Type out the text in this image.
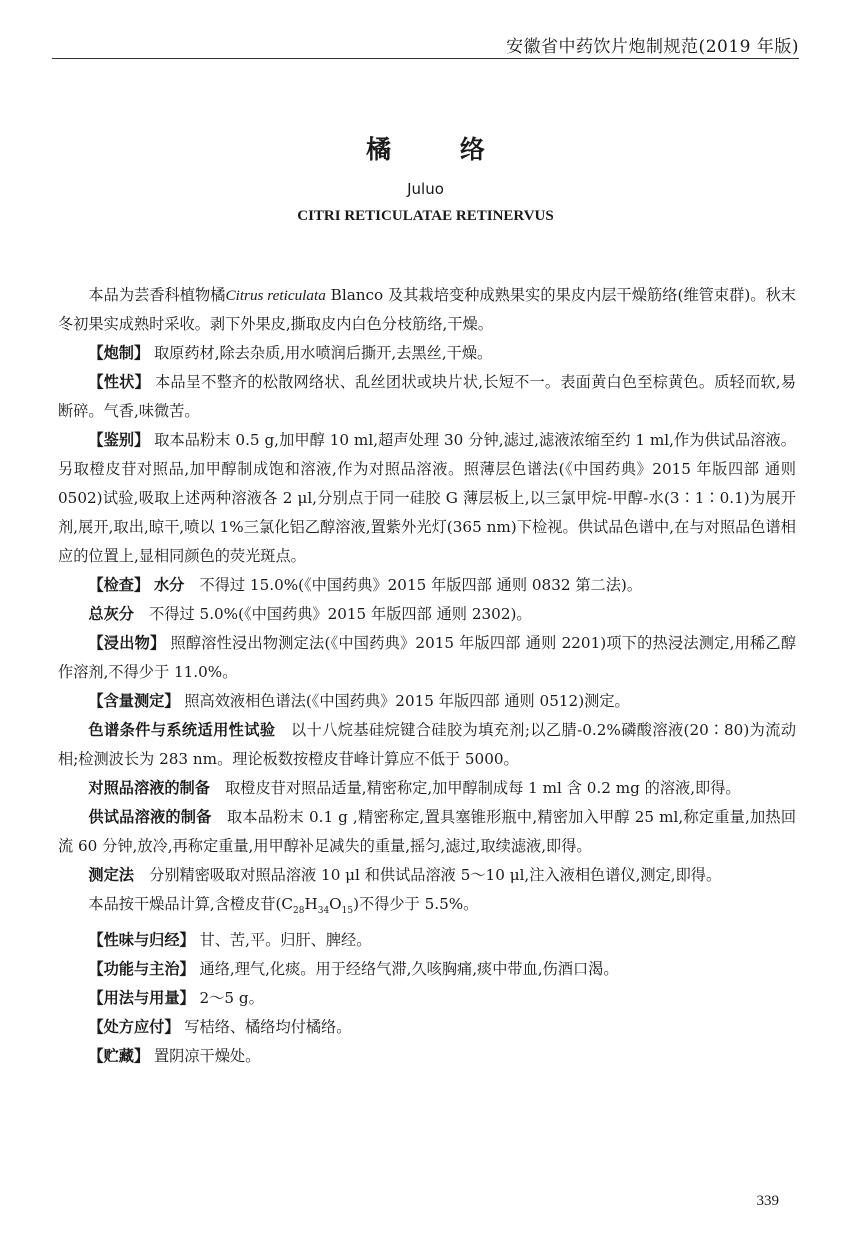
安徽省中药饮片炮制规范(2019 年版)
橘 络
Juluo
CITRI RETICULATAE RETINERVUS

本品为芸香科植物橘Citrus reticulata Blanco 及其栽培变种成熟果实的果皮内层干燥筋络(维管束群)。秋末冬初果实成熟时采收。剥下外果皮,撕取皮内白色分枝筋络,干燥。

【炮制】 取原药材,除去杂质,用水喷润后撕开,去黑丝,干燥。

【性状】 本品呈不整齐的松散网络状、乱丝团状或块片状,长短不一。表面黄白色至棕黄色。质轻而软,易断碎。气香,味微苦。

【鉴别】 取本品粉末 0.5 g,加甲醇 10 ml,超声处理 30 分钟,滤过,滤液浓缩至约 1 ml,作为供试品溶液。另取橙皮苷对照品,加甲醇制成饱和溶液,作为对照品溶液。照薄层色谱法(《中国药典》2015 年版四部 通则 0502)试验,吸取上述两种溶液各 2 μl,分别点于同一硅胶 G 薄层板上,以三氯甲烷-甲醇-水(3∶1∶0.1)为展开剂,展开,取出,晾干,喷以 1%三氯化铝乙醇溶液,置紫外光灯(365 nm)下检视。供试品色谱中,在与对照品色谱相应的位置上,显相同颜色的荧光斑点。

【检查】 水分　 不得过 15.0%(《中国药典》2015 年版四部 通则 0832 第二法)。

总灰分　 不得过 5.0%(《中国药典》2015 年版四部 通则 2302)。

【浸出物】 照醇溶性浸出物测定法(《中国药典》2015 年版四部 通则 2201)项下的热浸法测定,用稀乙醇作溶剂,不得少于 11.0%。

【含量测定】 照高效液相色谱法(《中国药典》2015 年版四部 通则 0512)测定。

色谱条件与系统适用性试验　 以十八烷基硅烷键合硅胶为填充剂;以乙腈-0.2%磷酸溶液(20∶80)为流动相;检测波长为 283 nm。理论板数按橙皮苷峰计算应不低于 5000。

对照品溶液的制备　 取橙皮苷对照品适量,精密称定,加甲醇制成每 1 ml 含 0.2 mg 的溶液,即得。

供试品溶液的制备　 取本品粉末 0.1 g ,精密称定,置具塞锥形瓶中,精密加入甲醇 25 ml,称定重量,加热回流 60 分钟,放冷,再称定重量,用甲醇补足减失的重量,摇匀,滤过,取续滤液,即得。

测定法　 分别精密吸取对照品溶液 10 μl 和供试品溶液 5～10 μl,注入液相色谱仪,测定,即得。

本品按干燥品计算,含橙皮苷$(C_{28}H_{34}O_{15})$不得少于 5.5%。

【性味与归经】 甘、苦,平。归肝、脾经。

【功能与主治】 通络,理气,化痰。用于经络气滞,久咳胸痛,痰中带血,伤酒口渴。

【用法与用量】 2～5 g。

【处方应付】 写桔络、橘络均付橘络。

【贮藏】 置阴凉干燥处。

339
